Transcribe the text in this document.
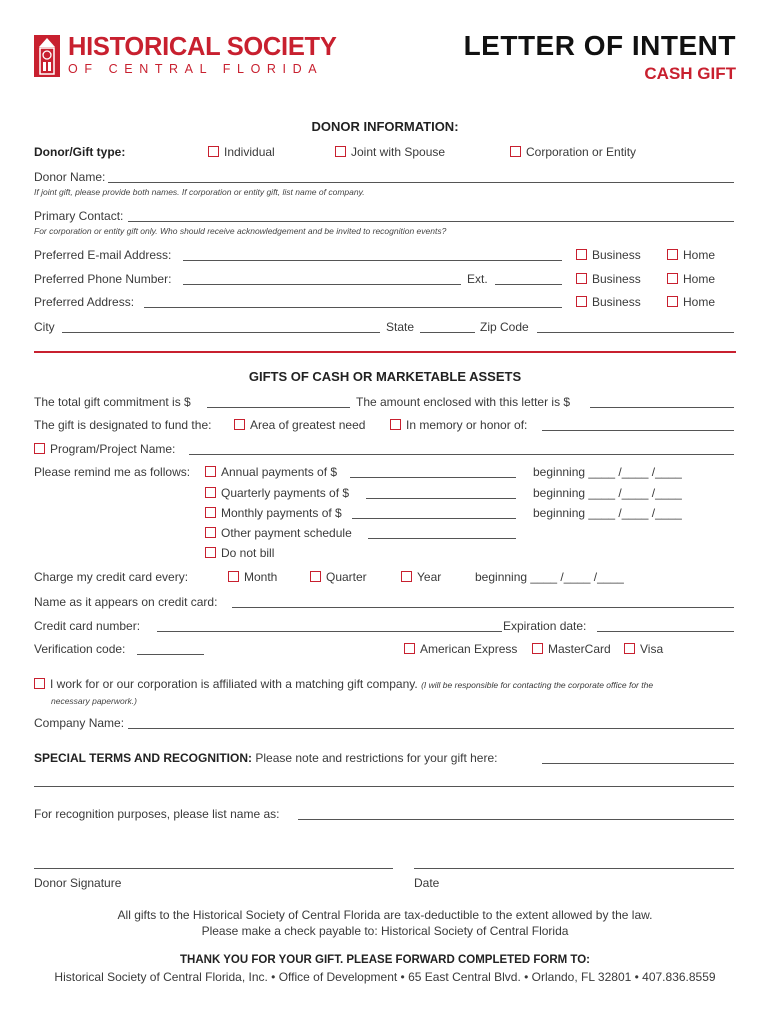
HISTORICAL SOCIETY
OF CENTRAL FLORIDA
LETTER OF INTENT
CASH GIFT
DONOR INFORMATION:
Donor/Gift type:	Individual	Joint with Spouse	Corporation or Entity
Donor Name:
If joint gift, please provide both names. If corporation or entity gift, list name of company.
Primary Contact:
For corporation or entity gift only. Who should receive acknowledgement and be invited to recognition events?
Preferred E-mail Address:	Business	Home
Preferred Phone Number:	Ext.	Business	Home
Preferred Address:	Business	Home
City	State	Zip Code
GIFTS OF CASH OR MARKETABLE ASSETS
The total gift commitment is $	The amount enclosed with this letter is $
The gift is designated to fund the:	Area of greatest need	In memory or honor of:
Program/Project Name:
Please remind me as follows:	Annual payments of $	beginning ____ /____ /____
Quarterly payments of $	beginning ____ /____ /____
Monthly payments of $	beginning ____ /____ /____
Other payment schedule
Do not bill
Charge my credit card every:	Month	Quarter	Year	beginning ____ /____ /____
Name as it appears on credit card:
Credit card number:	Expiration date:
Verification code:	American Express	MasterCard	Visa
I work for or our corporation is affiliated with a matching gift company. (I will be responsible for contacting the corporate office for the
necessary paperwork.)
Company Name:
SPECIAL TERMS AND RECOGNITION: Please note and restrictions for your gift here:
For recognition purposes, please list name as:
Donor Signature	Date
All gifts to the Historical Society of Central Florida are tax-deductible to the extent allowed by the law.
Please make a check payable to: Historical Society of Central Florida
THANK YOU FOR YOUR GIFT. PLEASE FORWARD COMPLETED FORM TO:
Historical Society of Central Florida, Inc. • Office of Development • 65 East Central Blvd. • Orlando, FL 32801 • 407.836.8559
